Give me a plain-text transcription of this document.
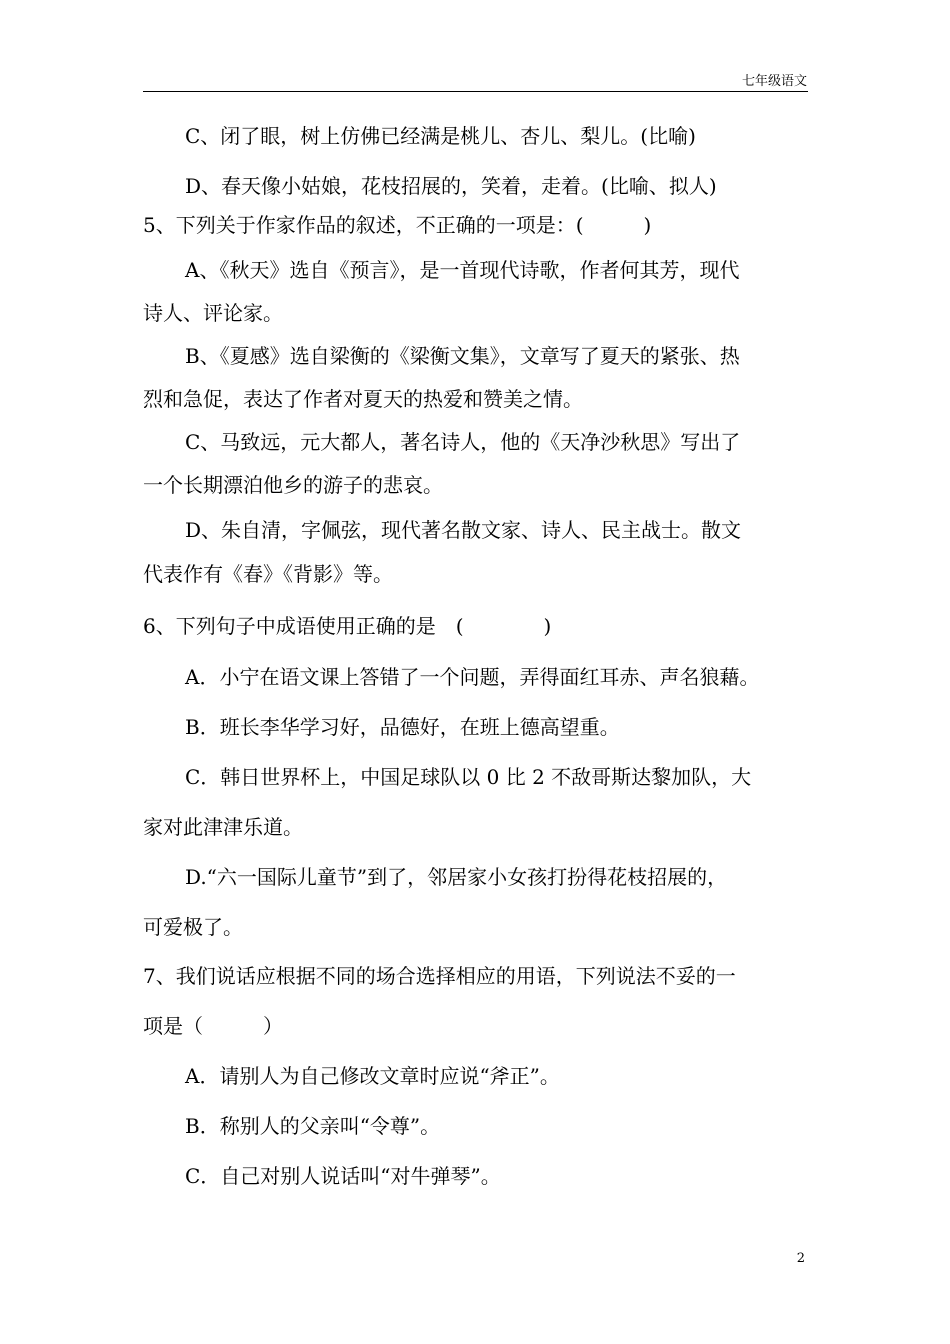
七年级语文
C、闭了眼，树上仿佛已经满是桃儿、杏儿、梨儿。(比喻)
D、春天像小姑娘，花枝招展的，笑着，走着。(比喻、拟人)
5、下列关于作家作品的叙述，不正确的一项是：(　　　)
A、《秋天》选自《预言》，是一首现代诗歌，作者何其芳，现代
诗人、评论家。
B、《夏感》选自梁衡的《梁衡文集》，文章写了夏天的紧张、热
烈和急促，表达了作者对夏天的热爱和赞美之情。
C、马致远，元大都人，著名诗人，他的《天净沙秋思》写出了
一个长期漂泊他乡的游子的悲哀。
D、朱自清，字佩弦，现代著名散文家、诗人、民主战士。散文
代表作有《春》《背影》等。
6、下列句子中成语使用正确的是　(　　　　)
A．小宁在语文课上答错了一个问题，弄得面红耳赤、声名狼藉。
B．班长李华学习好，品德好，在班上德高望重。
C．韩日世界杯上，中国足球队以 0 比 2 不敌哥斯达黎加队，大
家对此津津乐道。
D.“六一国际儿童节”到了，邻居家小女孩打扮得花枝招展的，
可爱极了。
7、我们说话应根据不同的场合选择相应的用语，下列说法不妥的一
项是（　　　）
A．请别人为自己修改文章时应说“斧正”。
B．称别人的父亲叫“令尊”。
C．自己对别人说话叫“对牛弹琴”。
2
